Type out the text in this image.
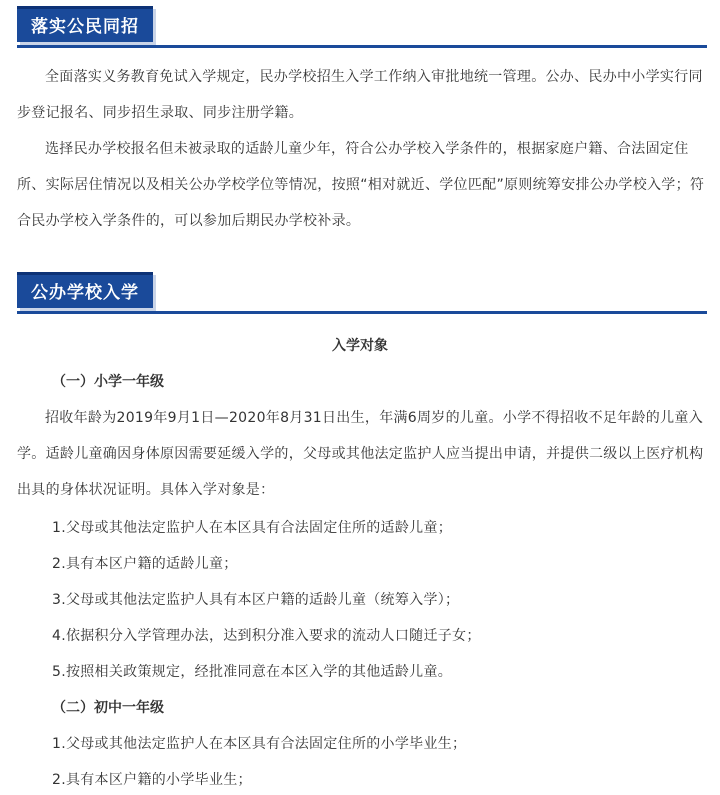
落实公民同招
全面落实义务教育免试入学规定，民办学校招生入学工作纳入审批地统一管理。公办、民办中小学实行同步登记报名、同步招生录取、同步注册学籍。
选择民办学校报名但未被录取的适龄儿童少年，符合公办学校入学条件的，根据家庭户籍、合法固定住所、实际居住情况以及相关公办学校学位等情况，按照“相对就近、学位匹配”原则统筹安排公办学校入学；符合民办学校入学条件的，可以参加后期民办学校补录。
公办学校入学
入学对象
（一）小学一年级
招收年龄为2019年9月1日—2020年8月31日出生，年满6周岁的儿童。小学不得招收不足年龄的儿童入学。适龄儿童确因身体原因需要延缓入学的，父母或其他法定监护人应当提出申请，并提供二级以上医疗机构出具的身体状况证明。具体入学对象是：
1.父母或其他法定监护人在本区具有合法固定住所的适龄儿童；
2.具有本区户籍的适龄儿童；
3.父母或其他法定监护人具有本区户籍的适龄儿童（统筹入学）；
4.依据积分入学管理办法，达到积分准入要求的流动人口随迁子女；
5.按照相关政策规定，经批准同意在本区入学的其他适龄儿童。
（二）初中一年级
1.父母或其他法定监护人在本区具有合法固定住所的小学毕业生；
2.具有本区户籍的小学毕业生；
